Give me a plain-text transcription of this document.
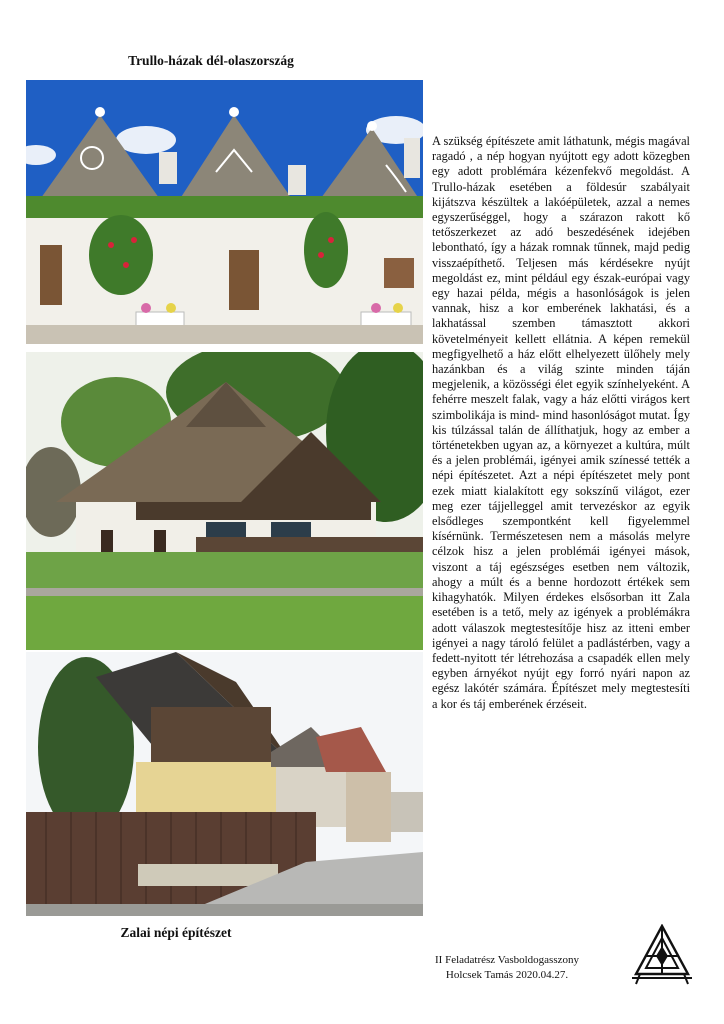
Trullo-házak dél-olaszország
Zalai népi építészet

A szükség építészete amit láthatunk, mégis magával ragadó , a nép hogyan nyújtott egy adott közegben egy adott problémára kézenfekvő megoldást. A Trullo-házak esetében a földesúr szabályait kijátszva készültek a lakóépületek, azzal a nemes egyszerűséggel, hogy a szárazon rakott kő tetőszerkezet az adó beszedésének idejében lebontható, így a házak romnak tűnnek, majd pedig visszaépíthető. Teljesen más kérdésekre nyújt megoldást ez, mint például egy észak-európai vagy egy hazai példa, mégis a hasonlóságok is jelen vannak, hisz a kor emberének lakhatási, és a lakhatással szemben támasztott akkori követelményeit kellett ellátnia. A képen remekül megfigyelhető a ház előtt elhelyezett ülőhely mely hazánkban és a világ szinte minden táján megjelenik, a közösségi élet egyik színhelyeként. A fehérre meszelt falak, vagy a ház előtti virágos kert szimbolikája is mind- mind hasonlóságot mutat. Így kis túlzással talán de állíthatjuk, hogy az ember a történetekben ugyan az, a környezet a kultúra, múlt és a jelen problémái, igényei amik színessé tették a népi építészetet. Azt a népi építészetet mely pont ezek miatt kialakított egy sokszínű világot, ezer meg ezer tájjelleggel amit tervezéskor az egyik elsődleges szempontként kell figyelemmel kísérnünk. Természetesen nem a másolás melyre célzok hisz a jelen problémái igényei mások, viszont a táj egészséges esetben nem változik, ahogy a múlt és a benne hordozott értékek sem kihagyhatók. Milyen érdekes elsősorban itt Zala esetében is a tető, mely az igények a problémákra adott válaszok megtestesítője hisz az itteni ember igényei a nagy tároló felület a padlástérben, vagy a fedett-nyitott tér létrehozása a csapadék ellen mely egyben árnyékot nyújt egy forró nyári napon az egész lakótér számára. Építészet mely megtestesíti a kor és táj emberének érzéseit.

II Feladatrész Vasboldogasszony
Holcsek Tamás 2020.04.27.
